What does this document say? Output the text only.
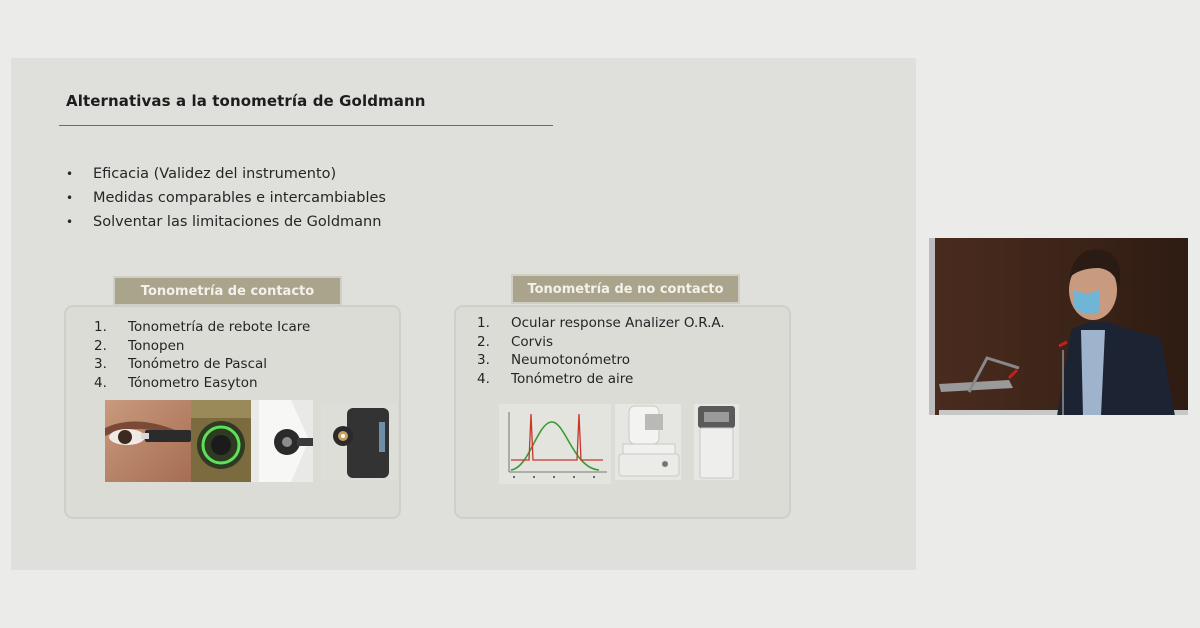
Alternativas a la tonometría de Goldmann
• Eficacia (Validez del instrumento)
• Medidas comparables e intercambiables
• Solventar las limitaciones de Goldmann
Tonometría de contacto
1. Tonometría de rebote Icare
2. Tonopen
3. Tonómetro de Pascal
4. Tónometro Easyton
Tonometría de no contacto
1. Ocular response Analizer O.R.A.
2. Corvis
3. Neumotonómetro
4. Tonómetro de aire
